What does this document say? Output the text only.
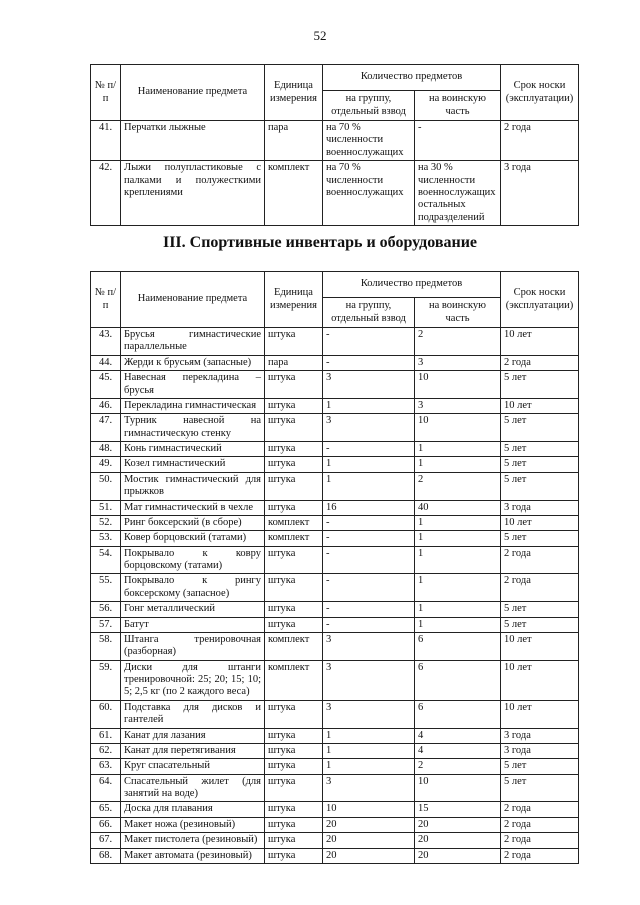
52
№ п/п	Наименование предмета	Единица измерения	Количество предметов		Срок носки (эксплуатации)
			на группу, отдельный взвод	на воинскую часть	
41.	Перчатки лыжные	пара	на 70 % численности военнослужащих	-	2 года
42.	Лыжи полупластиковые с палками и полужесткими креплениями	комплект	на 70 % численности военнослужащих	на 30 % численности военнослужащих остальных подразделений	3 года
III. Спортивные инвентарь и оборудование
№ п/п	Наименование предмета	Единица измерения	Количество предметов		Срок носки (эксплуатации)
			на группу, отдельный взвод	на воинскую часть	
43.	Брусья гимнастические параллельные	штука	-	2	10 лет
44.	Жерди к брусьям (запасные)	пара	-	3	2 года
45.	Навесная перекладина – брусья	штука	3	10	5 лет
46.	Перекладина гимнастическая	штука	1	3	10 лет
47.	Турник навесной на гимнастическую стенку	штука	3	10	5 лет
48.	Конь гимнастический	штука	-	1	5 лет
49.	Козел гимнастический	штука	1	1	5 лет
50.	Мостик гимнастический для прыжков	штука	1	2	5 лет
51.	Мат гимнастический в чехле	штука	16	40	3 года
52.	Ринг боксерский (в сборе)	комплект	-	1	10 лет
53.	Ковер борцовский (татами)	комплект	-	1	5 лет
54.	Покрывало к ковру борцовскому (татами)	штука	-	1	2 года
55.	Покрывало к рингу боксерскому (запасное)	штука	-	1	2 года
56.	Гонг металлический	штука	-	1	5 лет
57.	Батут	штука	-	1	5 лет
58.	Штанга тренировочная (разборная)	комплект	3	6	10 лет
59.	Диски для штанги тренировочной: 25; 20; 15; 10; 5; 2,5 кг (по 2 каждого веса)	комплект	3	6	10 лет
60.	Подставка для дисков и гантелей	штука	3	6	10 лет
61.	Канат для лазания	штука	1	4	3 года
62.	Канат для перетягивания	штука	1	4	3 года
63.	Круг спасательный	штука	1	2	5 лет
64.	Спасательный жилет (для занятий на воде)	штука	3	10	5 лет
65.	Доска для плавания	штука	10	15	2 года
66.	Макет ножа (резиновый)	штука	20	20	2 года
67.	Макет пистолета (резиновый)	штука	20	20	2 года
68.	Макет автомата (резиновый)	штука	20	20	2 года
